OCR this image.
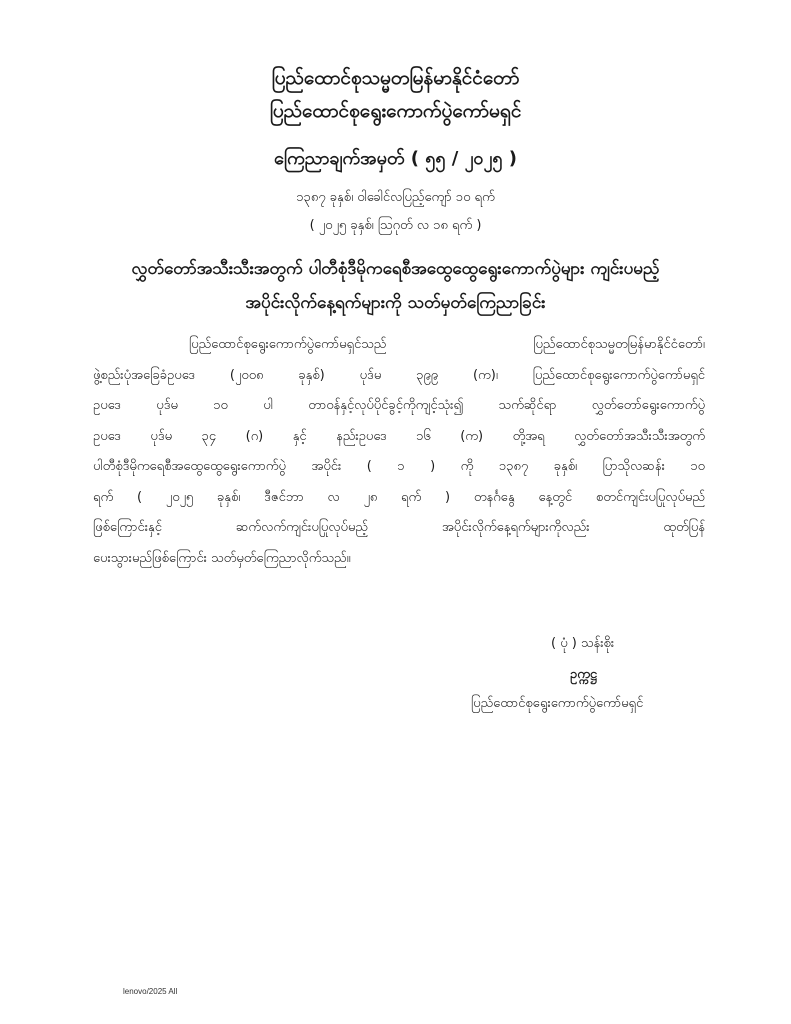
ပြည်ထောင်စုသမ္မတမြန်မာနိုင်ငံတော်
ပြည်ထောင်စုရွေးကောက်ပွဲကော်မရှင်
ကြေညာချက်အမှတ် ( ၅၅ / ၂၀၂၅ )
၁၃၈၇ ခုနှစ်၊ ဝါခေါင်လပြည့်ကျော် ၁၀ ရက်
( ၂၀၂၅ ခုနှစ်၊ ဩဂုတ် လ ၁၈ ရက် )
လွှတ်တော်အသီးသီးအတွက် ပါတီစုံဒီမိုကရေစီအထွေထွေရွေးကောက်ပွဲများ ကျင်းပမည့်
အပိုင်းလိုက်နေ့ရက်များကို သတ်မှတ်ကြေညာခြင်း
ပြည်ထောင်စုရွေးကောက်ပွဲကော်မရှင်သည် ပြည်ထောင်စုသမ္မတမြန်မာနိုင်ငံတော်၊
ဖွဲ့စည်းပုံအခြေခံဥပဒေ (၂၀၀၈ ခုနှစ်) ပုဒ်မ ၃၉၉ (က)၊ ပြည်ထောင်စုရွေးကောက်ပွဲကော်မရှင်
ဥပဒေ ပုဒ်မ ၁၀ ပါ တာဝန်နှင့်လုပ်ပိုင်ခွင့်ကိုကျင့်သုံး၍ သက်ဆိုင်ရာ လွှတ်တော်ရွေးကောက်ပွဲ
ဥပဒေ ပုဒ်မ ၃၄ (ဂ) နှင့် နည်းဥပဒေ ၁၆ (က) တို့အရ လွှတ်တော်အသီးသီးအတွက်
ပါတီစုံဒီမိုကရေစီအထွေထွေရွေးကောက်ပွဲ အပိုင်း ( ၁ ) ကို ၁၃၈၇ ခုနှစ်၊ ပြာသိုလဆန်း ၁၀
ရက် ( ၂၀၂၅ ခုနှစ်၊ ဒီဇင်ဘာ လ ၂၈ ရက် ) တနင်္ဂနွေ နေ့တွင် စတင်ကျင်းပပြုလုပ်မည်
ဖြစ်ကြောင်းနှင့် ဆက်လက်ကျင်းပပြုလုပ်မည့် အပိုင်းလိုက်နေ့ရက်များကိုလည်း ထုတ်ပြန်
ပေးသွားမည်ဖြစ်ကြောင်း သတ်မှတ်ကြေညာလိုက်သည်။
( ပုံ ) သန်းစိုး
ဥက္ကဋ္ဌ
ပြည်ထောင်စုရွေးကောက်ပွဲကော်မရှင်
lenovo/2025 All
